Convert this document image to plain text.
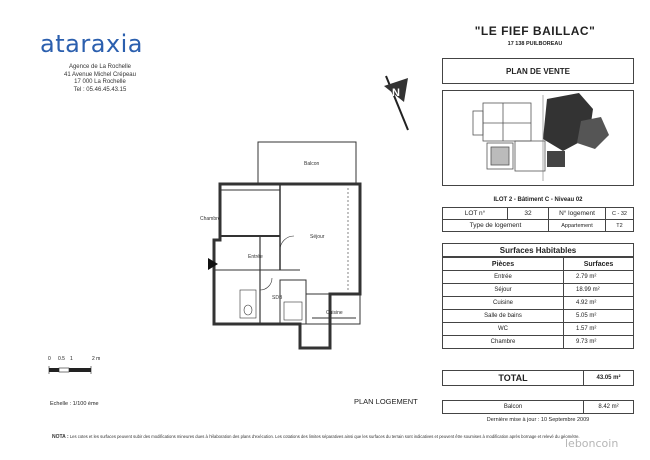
ataraxia
Agence de La Rochelle
41 Avenue Michel Crépeau
17 000 La Rochelle
Tel : 05.46.45.43.15
"LE FIEF BAILLAC"
17 138 PUILBOREAU
N
PLAN DE VENTE
ILOT 2 - Bâtiment C - Niveau 02
LOT n°	32	N° logement	C - 32
Type de logement		Appartement	T2
Surfaces Habitables
Pièces	Surfaces
Entrée	2.79 m²
Séjour	18.99 m²
Cuisine	4.92 m²
Salle de bains	5.05 m²
WC	1.57 m²
Chambre	9.73 m²
TOTAL	43.05 m²
Balcon	8.42 m²
Dernière mise à jour : 10 Septembre 2009
Balcon
Chambre
Séjour
Entrée
SDB
Cuisine
0 0.5 1	2 m
Echelle : 1/100 ème	PLAN LOGEMENT
NOTA : Les cotes et les surfaces peuvent subir des modifications mineures dues à l'élaboration des plans d'exécution. Les cotations des limites séparatives ainsi que les surfaces du terrain sont indicatives et peuvent être soumises à modification après bornage et relevé du géomètre.
leboncoin
